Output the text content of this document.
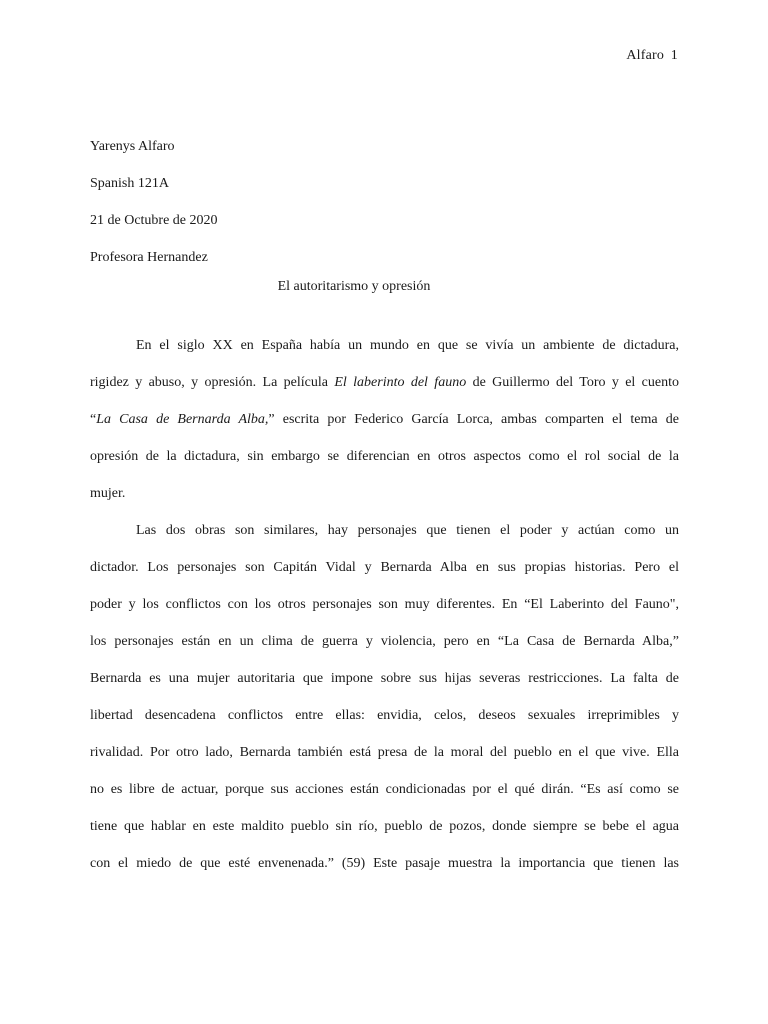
Alfaro 1
Yarenys Alfaro
Spanish 121A
21 de Octubre de 2020
Profesora Hernandez
El autoritarismo y opresión
En el siglo XX en España había un mundo en que se vivía un ambiente de dictadura,
rigidez y abuso, y opresión. La película El laberinto del fauno de Guillermo del Toro y el cuento
“La Casa de Bernarda Alba,” escrita por Federico García Lorca, ambas comparten el tema de
opresión de la dictadura, sin embargo se diferencian en otros aspectos como el rol social de la
mujer.
Las dos obras son similares, hay personajes que tienen el poder y actúan como un
dictador. Los personajes son Capitán Vidal y Bernarda Alba en sus propias historias. Pero el
poder y los conflictos con los otros personajes son muy diferentes. En “El Laberinto del Fauno",
los personajes están en un clima de guerra y violencia, pero en “La Casa de Bernarda Alba,”
Bernarda es una mujer autoritaria que impone sobre sus hijas severas restricciones. La falta de
libertad desencadena conflictos entre ellas: envidia, celos, deseos sexuales irreprimibles y
rivalidad. Por otro lado, Bernarda también está presa de la moral del pueblo en el que vive. Ella
no es libre de actuar, porque sus acciones están condicionadas por el qué dirán. “Es así como se
tiene que hablar en este maldito pueblo sin río, pueblo de pozos, donde siempre se bebe el agua
con el miedo de que esté envenenada.” (59) Este pasaje muestra la importancia que tienen las
